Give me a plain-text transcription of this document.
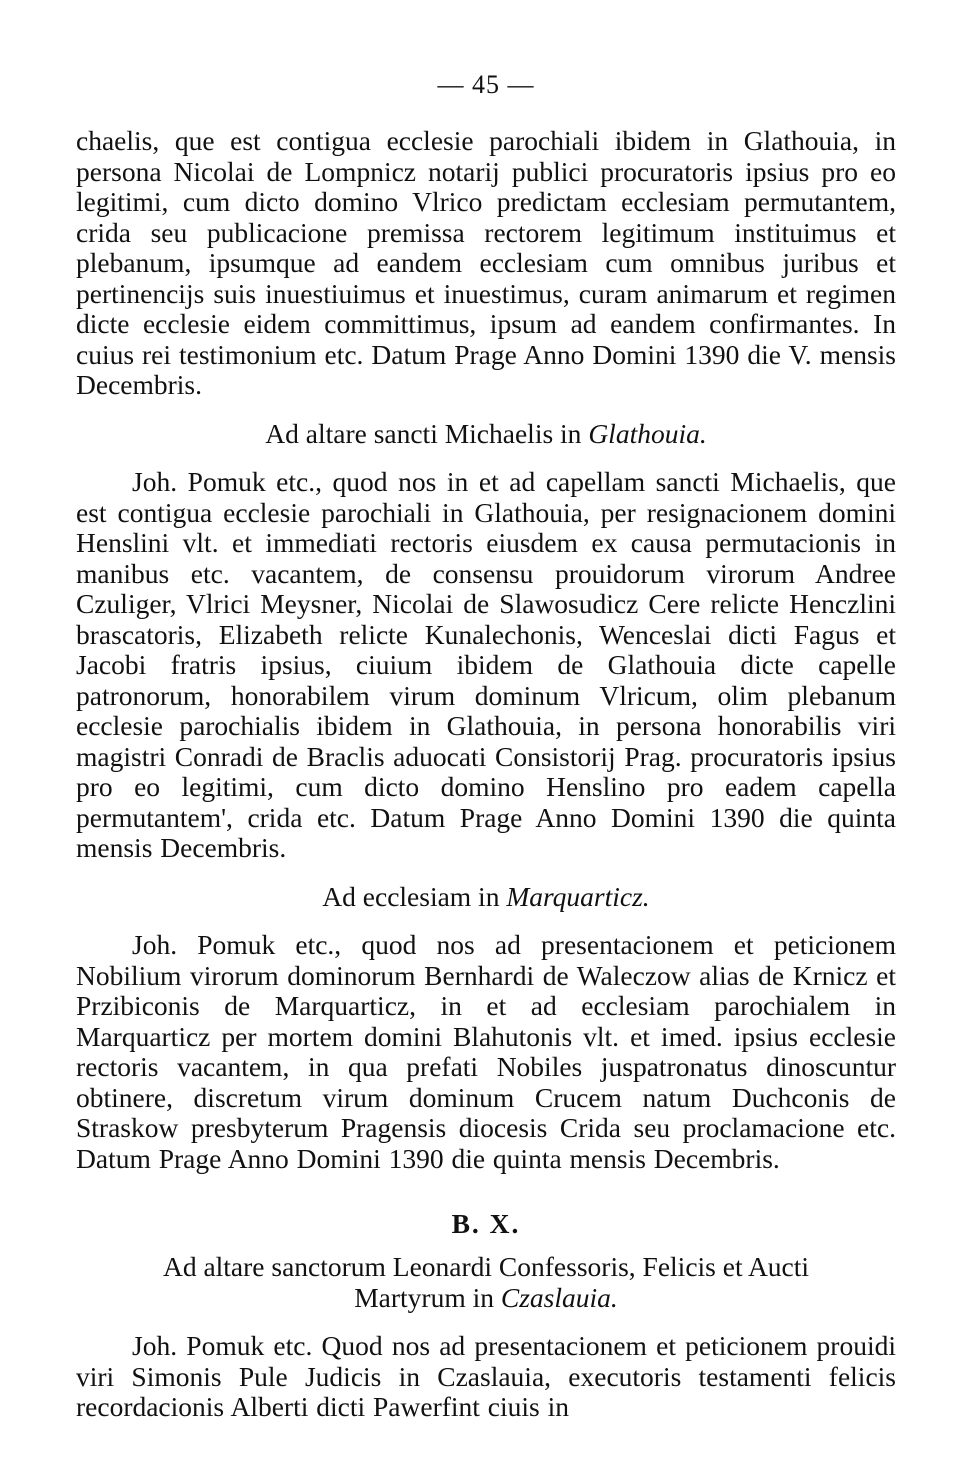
— 45 —

chaelis, que est contigua ecclesie parochiali ibidem in Glathouia, in persona Nicolai de Lompnicz notarij publici procuratoris ipsius pro eo legitimi, cum dicto domino Vlrico predictam ecclesiam permutantem, crida seu publicacione premissa rectorem legitimum instituimus et plebanum, ipsumque ad eandem ecclesiam cum omnibus juribus et pertinencijs suis inuestiuimus et inuestimus, curam animarum et regimen dicte ecclesie eidem committimus, ipsum ad eandem confirmantes. In cuius rei testimonium etc. Datum Prage Anno Domini 1390 die V. mensis Decembris.

Ad altare sancti Michaelis in Glathouia.

Joh. Pomuk etc., quod nos in et ad capellam sancti Michaelis, que est contigua ecclesie parochiali in Glathouia, per resignacionem domini Henslini vlt. et immediati rectoris eiusdem ex causa permutacionis in manibus etc. vacantem, de consensu prouidorum virorum Andree Czuliger, Vlrici Meysner, Nicolai de Slawosudicz Cere relicte Henczlini brascatoris, Elizabeth relicte Kunalechonis, Wenceslai dicti Fagus et Jacobi fratris ipsius, ciuium ibidem de Glathouia dicte capelle patronorum, honorabilem virum dominum Vlricum, olim plebanum ecclesie parochialis ibidem in Glathouia, in persona honorabilis viri magistri Conradi de Braclis aduocati Consistorij Prag. procuratoris ipsius pro eo legitimi, cum dicto domino Henslino pro eadem capella permutantem', crida etc. Datum Prage Anno Domini 1390 die quinta mensis Decembris.

Ad ecclesiam in Marquarticz.

Joh. Pomuk etc., quod nos ad presentacionem et peticionem Nobilium virorum dominorum Bernhardi de Waleczow alias de Krnicz et Przibiconis de Marquarticz, in et ad ecclesiam parochialem in Marquarticz per mortem domini Blahutonis vlt. et imed. ipsius ecclesie rectoris vacantem, in qua prefati Nobiles juspatronatus dinoscuntur obtinere, discretum virum dominum Crucem natum Duchconis de Straskow presbyterum Pragensis diocesis Crida seu proclamacione etc. Datum Prage Anno Domini 1390 die quinta mensis Decembris.

B. X.
Ad altare sanctorum Leonardi Confessoris, Felicis et Aucti
Martyrum in Czaslauia.

Joh. Pomuk etc. Quod nos ad presentacionem et peticionem prouidi viri Simonis Pule Judicis in Czaslauia, executoris testamenti felicis recordacionis Alberti dicti Pawerfint ciuis in
